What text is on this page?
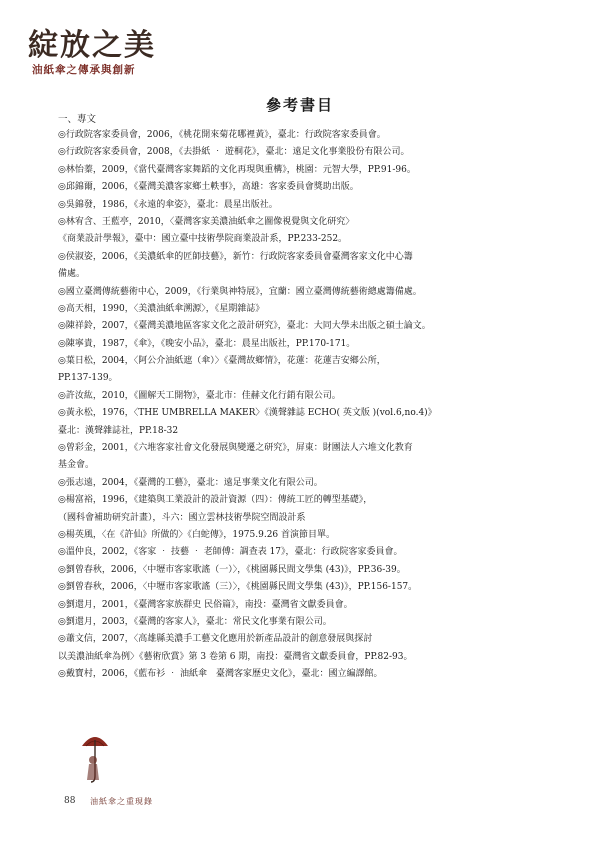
綻放之美
油紙傘之傳承與創新
參考書目
一、專文
◎行政院客家委員會，2006，《桃花開來菊花哪裡黃》，臺北：行政院客家委員會。
◎行政院客家委員會，2008，《去掛紙 ‧ 遊桐花》，臺北：遠足文化事業股份有限公司。
◎林怡蓁，2009，《當代臺灣客家舞蹈的文化再現與重構》，桃園：元智大學，PP.91-96。
◎邱錦爾，2006，《臺灣美濃客家鄉土軼事》，高雄：客家委員會獎助出版。
◎吳錦發，1986，《永遠的傘姿》，臺北：晨星出版社。
◎林宥含、王藍亭，2010，〈臺灣客家美濃油紙傘之圖像視覺與文化研究〉
《商業設計學報》，臺中：國立臺中技術學院商業設計系，PP.233-252。
◎侯淑姿，2006，《美濃紙傘的匠師技藝》，新竹：行政院客家委員會臺灣客家文化中心籌
備處。
◎國立臺灣傳統藝術中心，2009，《行業與神特展》，宜蘭：國立臺灣傳統藝術總處籌備處。
◎高天相，1990，〈美濃油紙傘溯源〉，《星期雜誌》
◎陳祥鈴，2007，《臺灣美濃地區客家文化之設計研究》，臺北：大同大學未出版之碩士論文。
◎陳寧貴，1987，《傘》，《晚安小品》，臺北：晨星出版社，PP.170-171。
◎葉日松，2004，〈阿公介油紙遮（傘）〉《臺灣故鄉情》，花蓮：花蓮吉安鄉公所，
PP.137-139。
◎許汝紘，2010，《圖解天工開物》，臺北市：佳赫文化行銷有限公司。
◎黃永松，1976，〈THE UMBRELLA MAKER〉《漢聲雜誌 ECHO( 英文版 )(vol.6,no.4)》
臺北：漢聲雜誌社，PP.18-32
◎曾彩金，2001，《六堆客家社會文化發展與變遷之研究》，屏東：財團法人六堆文化教育
基金會。
◎張志遠，2004，《臺灣的工藝》，臺北：遠足事業文化有限公司。
◎楊富裕，1996，《建築與工業設計的設計資源（四）：傳統工匠的轉型基礎》，
（國科會補助研究計畫），斗六：國立雲林技術學院空間設計系
◎楊英風，〈在《許仙》所做的〉《白蛇傳》，1975.9.26 首演節目單。
◎溫仲良，2002，《客家 ‧ 技藝 ‧ 老師傅：調查表 17》，臺北：行政院客家委員會。
◎劉曾春秋，2006，〈中壢市客家歌謠（一）〉，《桃園縣民間文學集 (43)》，PP.36-39。
◎劉曾春秋，2006，〈中壢市客家歌謠（三）〉，《桃園縣民間文學集 (43)》，PP.156-157。
◎劉還月，2001，《臺灣客家族群史 民俗篇》，南投：臺灣省文獻委員會。
◎劉還月，2003，《臺灣的客家人》，臺北：常民文化事業有限公司。
◎蕭文信，2007，〈高雄縣美濃手工藝文化應用於新產品設計的創意發展與探討
以美濃油紙傘為例〉《藝術欣賞》第 3 卷第 6 期，南投：臺灣省文獻委員會，PP.82-93。
◎戴寶村，2006，《藍布衫 ‧ 油紙傘　臺灣客家歷史文化》，臺北：國立編譯館。
88 油紙傘之重現錄
